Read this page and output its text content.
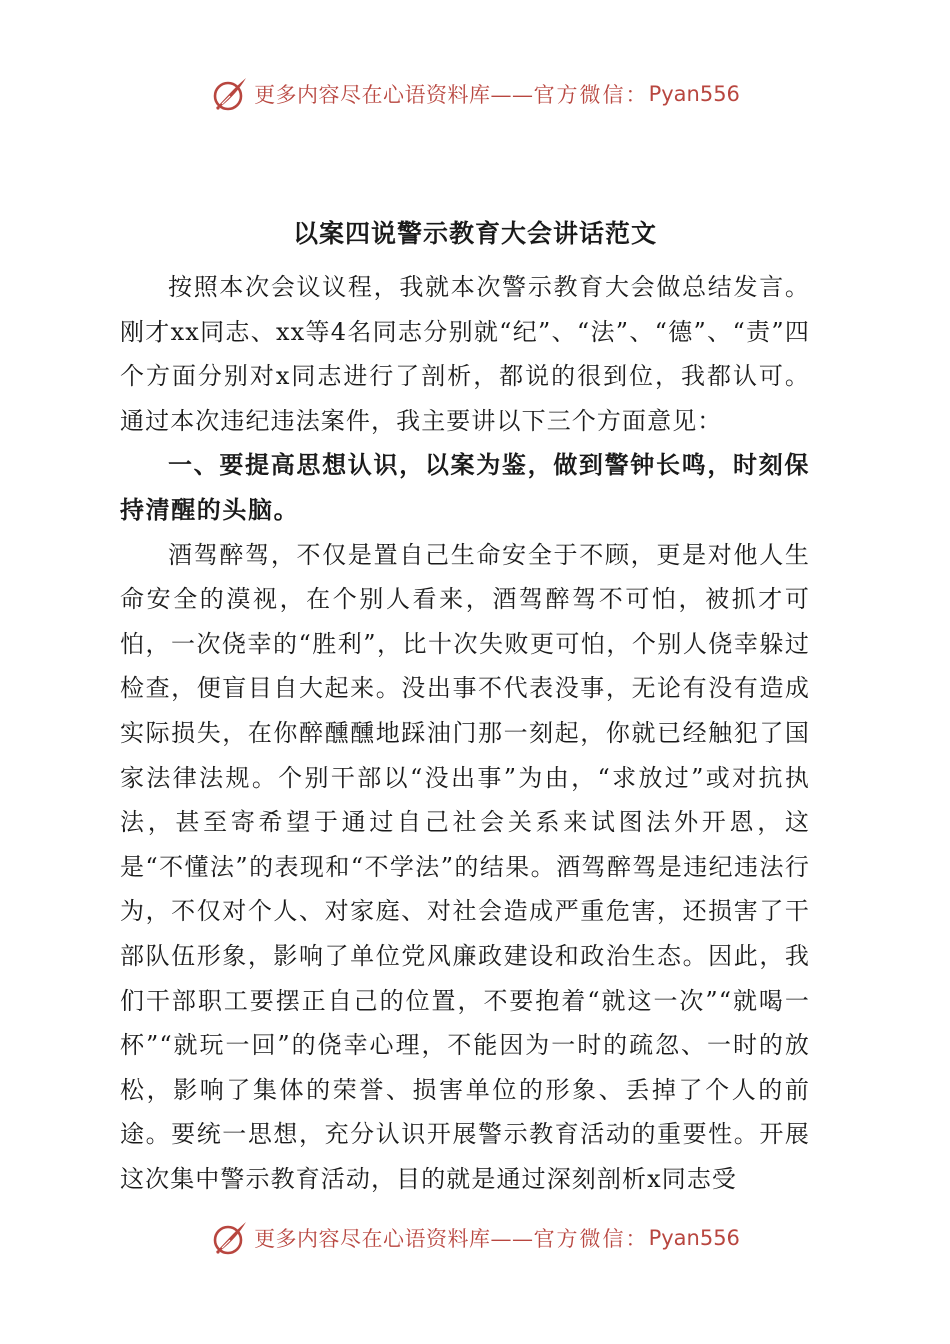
更多内容尽在心语资料库—— 官方微信： Pyan556
以案四说警示教育大会讲话范文

按照本次会议议程，我就本次警示教育大会做总结发言。刚才xx同志、xx等4名同志分别就“纪”、“法”、“德”、“责”四个方面分别对x同志进行了剖析，都说的很到位，我都认可。通过本次违纪违法案件，我主要讲以下三个方面意见：

一、要提高思想认识，以案为鉴，做到警钟长鸣，时刻保持清醒的头脑。

酒驾醉驾，不仅是置自己生命安全于不顾，更是对他人生命安全的漠视，在个别人看来，酒驾醉驾不可怕，被抓才可怕，一次侥幸的“胜利”，比十次失败更可怕，个别人侥幸躲过检查，便盲目自大起来。没出事不代表没事，无论有没有造成实际损失，在你醉醺醺地踩油门那一刻起，你就已经触犯了国家法律法规。个别干部以“没出事”为由，“求放过”或对抗执法，甚至寄希望于通过自己社会关系来试图法外开恩，这是“不懂法”的表现和“不学法”的结果。酒驾醉驾是违纪违法行为，不仅对个人、对家庭、对社会造成严重危害，还损害了干部队伍形象，影响了单位党风廉政建设和政治生态。因此，我们干部职工要摆正自己的位置，不要抱着“就这一次”“就喝一杯”“就玩一回”的侥幸心理，不能因为一时的疏忽、一时的放松，影响了集体的荣誉、损害单位的形象、丢掉了个人的前途。要统一思想，充分认识开展警示教育活动的重要性。开展这次集中警示教育活动，目的就是通过深刻剖析x同志受

更多内容尽在心语资料库—— 官方微信： Pyan556
